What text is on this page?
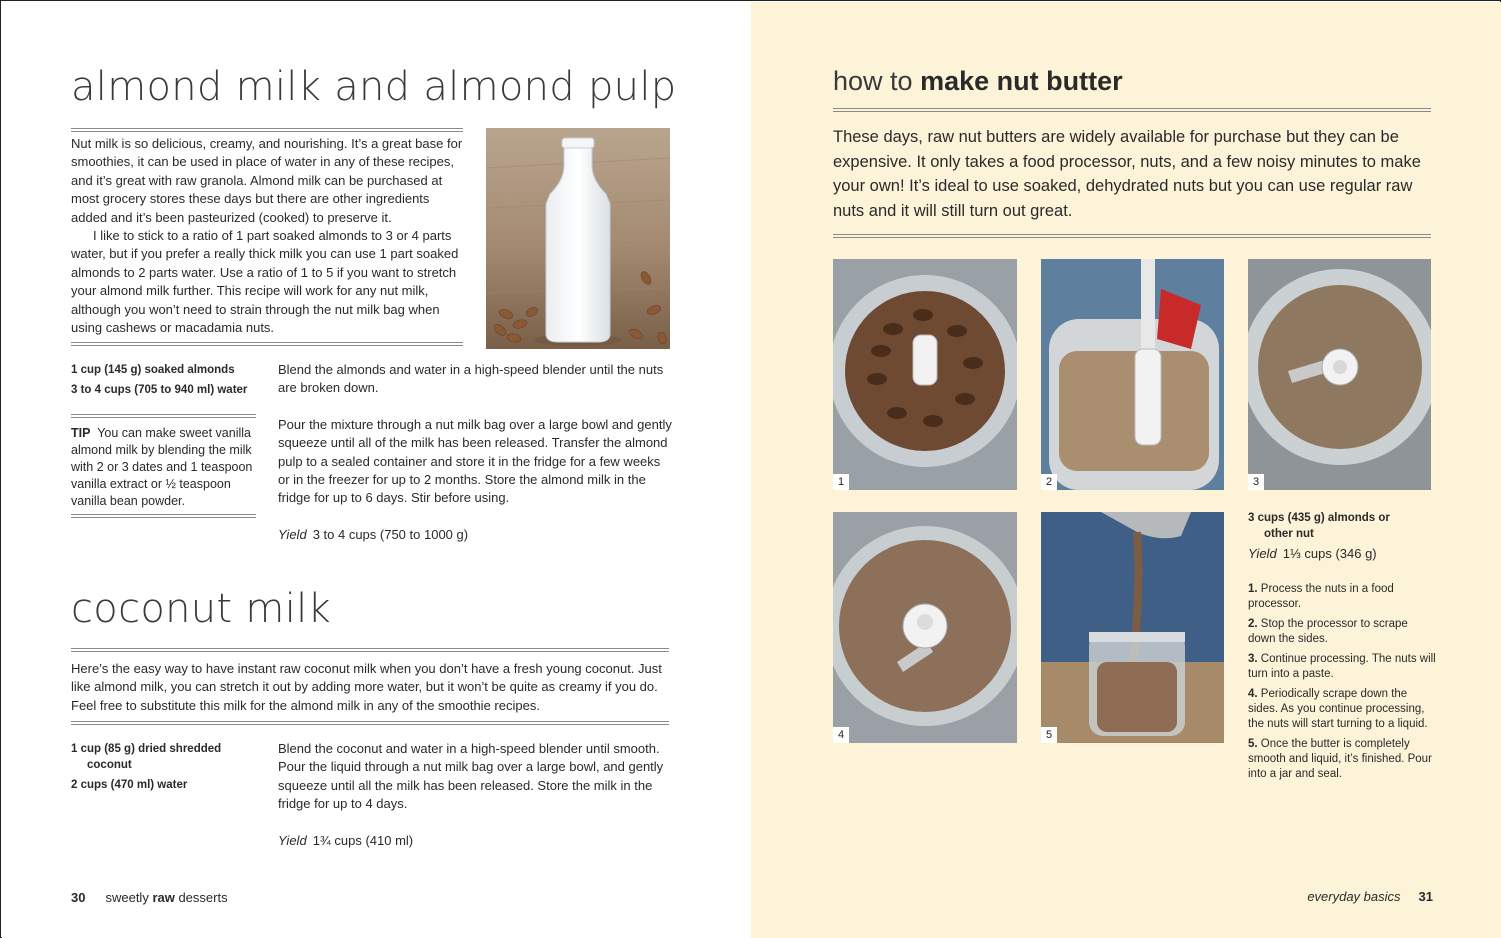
almond milk and almond pulp

Nut milk is so delicious, creamy, and nourishing. It’s a great base for smoothies, it can be used in place of water in any of these recipes, and it’s great with raw granola. Almond milk can be purchased at most grocery stores these days but there are other ingredients added and it’s been pasteurized (cooked) to preserve it.

I like to stick to a ratio of 1 part soaked almonds to 3 or 4 parts water, but if you prefer a really thick milk you can use 1 part soaked almonds to 2 parts water. Use a ratio of 1 to 5 if you want to stretch your almond milk further. This recipe will work for any nut milk, although you won’t need to strain through the nut milk bag when using cashews or macadamia nuts.

1 cup (145 g) soaked almonds
3 to 4 cups (705 to 940 ml) water
TIP You can make sweet vanilla almond milk by blending the milk with 2 or 3 dates and 1 teaspoon vanilla extract or ½ teaspoon vanilla bean powder.

Blend the almonds and water in a high-speed blender until the nuts are broken down.

Pour the mixture through a nut milk bag over a large bowl and gently squeeze until all of the milk has been released. Transfer the almond pulp to a sealed container and store it in the fridge for a few weeks or in the freezer for up to 2 months. Store the almond milk in the fridge for up to 6 days. Stir before using.

Yield 3 to 4 cups (750 to 1000 g)

coconut milk
Here’s the easy way to have instant raw coconut milk when you don’t have a fresh young coconut. Just like almond milk, you can stretch it out by adding more water, but it won’t be quite as creamy if you do. Feel free to substitute this milk for the almond milk in any of the smoothie recipes.
1 cup (85 g) dried shredded
coconut
2 cups (470 ml) water

Blend the coconut and water in a high-speed blender until smooth. Pour the liquid through a nut milk bag over a large bowl, and gently squeeze until all the milk has been released. Store the milk in the fridge for up to 4 days.

Yield 1¾ cups (410 ml)

30 sweetly raw desserts
how to make nut butter
These days, raw nut butters are widely available for purchase but they can be expensive. It only takes a food processor, nuts, and a few noisy minutes to make your own! It’s ideal to use soaked, dehydrated nuts but you can use regular raw nuts and it will still turn out great.
1	2	3
4	5
3 cups (435 g) almonds or
other nut
Yield 1⅓ cups (346 g)
1. Process the nuts in a food processor.
2. Stop the processor to scrape down the sides.
3. Continue processing. The nuts will turn into a paste.
4. Periodically scrape down the sides. As you continue processing, the nuts will start turning to a liquid.
5. Once the butter is completely smooth and liquid, it’s finished. Pour into a jar and seal.
everyday basics 31
